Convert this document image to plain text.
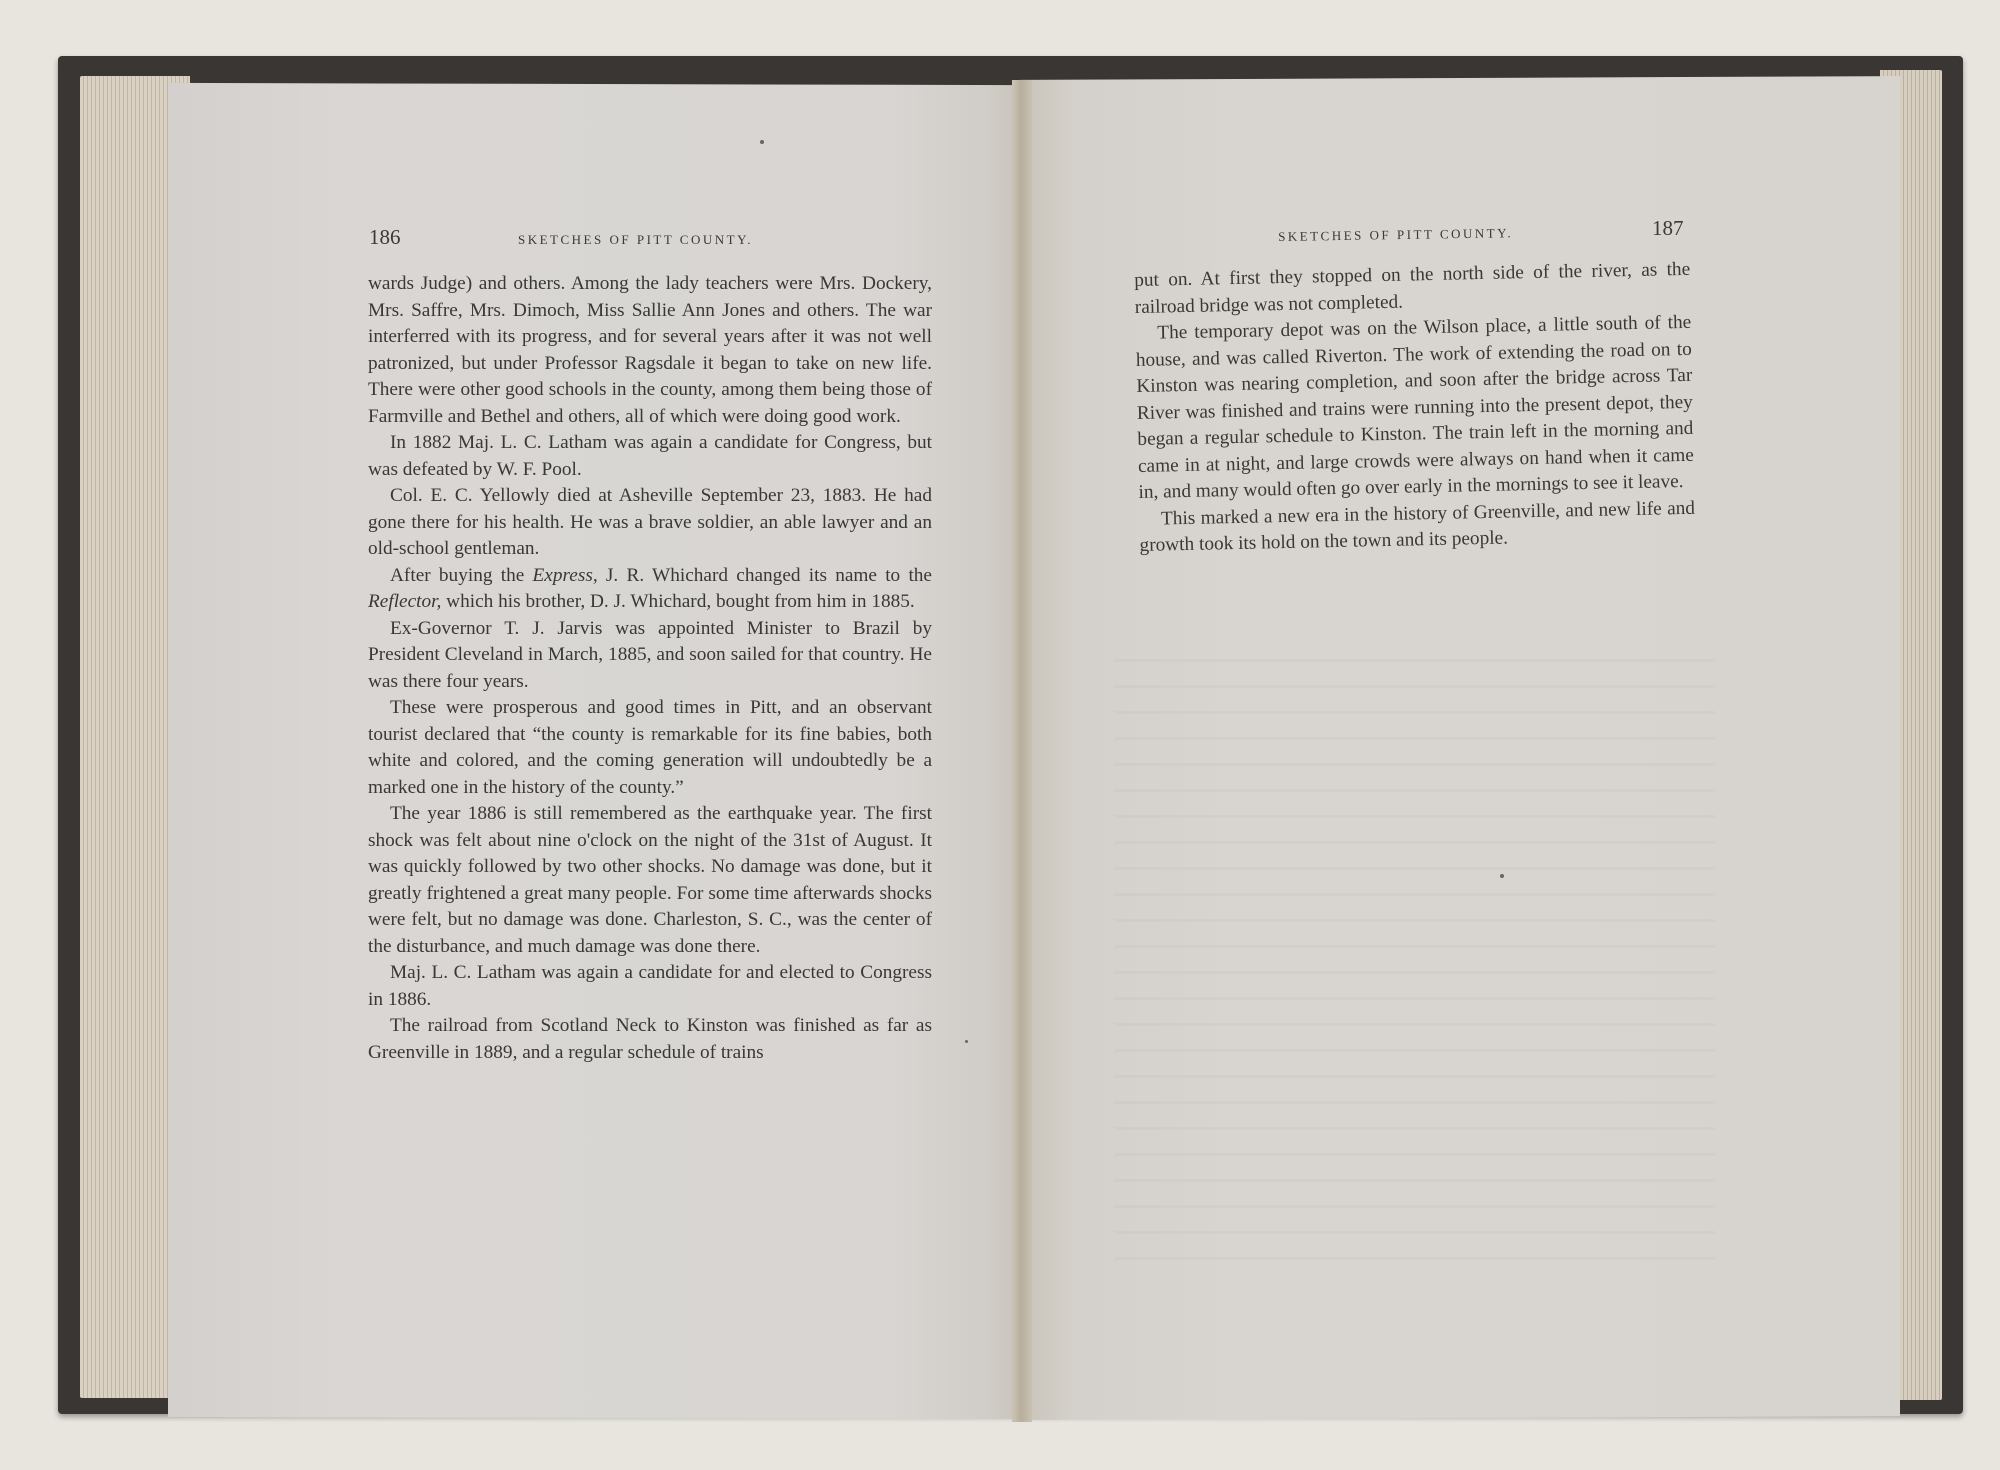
186	SKETCHES OF PITT COUNTY.	SKETCHES OF PITT COUNTY.	187

wards Judge) and others. Among the lady teachers were Mrs. Dockery, Mrs. Saffre, Mrs. Dimoch, Miss Sallie Ann Jones and others. The war interferred with its progress, and for several years after it was not well patronized, but under Professor Ragsdale it began to take on new life. There were other good schools in the county, among them being those of Farmville and Bethel and others, all of which were doing good work.

In 1882 Maj. L. C. Latham was again a candidate for Congress, but was defeated by W. F. Pool.

Col. E. C. Yellowly died at Asheville September 23, 1883. He had gone there for his health. He was a brave soldier, an able lawyer and an old-school gentleman.

After buying the Express, J. R. Whichard changed its name to the Reflector, which his brother, D. J. Whichard, bought from him in 1885.

Ex-Governor T. J. Jarvis was appointed Minister to Brazil by President Cleveland in March, 1885, and soon sailed for that country. He was there four years.

These were prosperous and good times in Pitt, and an observant tourist declared that “the county is remarkable for its fine babies, both white and colored, and the coming generation will undoubtedly be a marked one in the history of the county.”

The year 1886 is still remembered as the earthquake year. The first shock was felt about nine o'clock on the night of the 31st of August. It was quickly followed by two other shocks. No damage was done, but it greatly frightened a great many people. For some time afterwards shocks were felt, but no damage was done. Charleston, S. C., was the center of the disturbance, and much damage was done there.

Maj. L. C. Latham was again a candidate for and elected to Congress in 1886.

The railroad from Scotland Neck to Kinston was finished as far as Greenville in 1889, and a regular schedule of trains

put on. At first they stopped on the north side of the river, as the railroad bridge was not completed.

The temporary depot was on the Wilson place, a little south of the house, and was called Riverton. The work of extending the road on to Kinston was nearing completion, and soon after the bridge across Tar River was finished and trains were running into the present depot, they began a regular schedule to Kinston. The train left in the morning and came in at night, and large crowds were always on hand when it came in, and many would often go over early in the mornings to see it leave.

This marked a new era in the history of Greenville, and new life and growth took its hold on the town and its people.
